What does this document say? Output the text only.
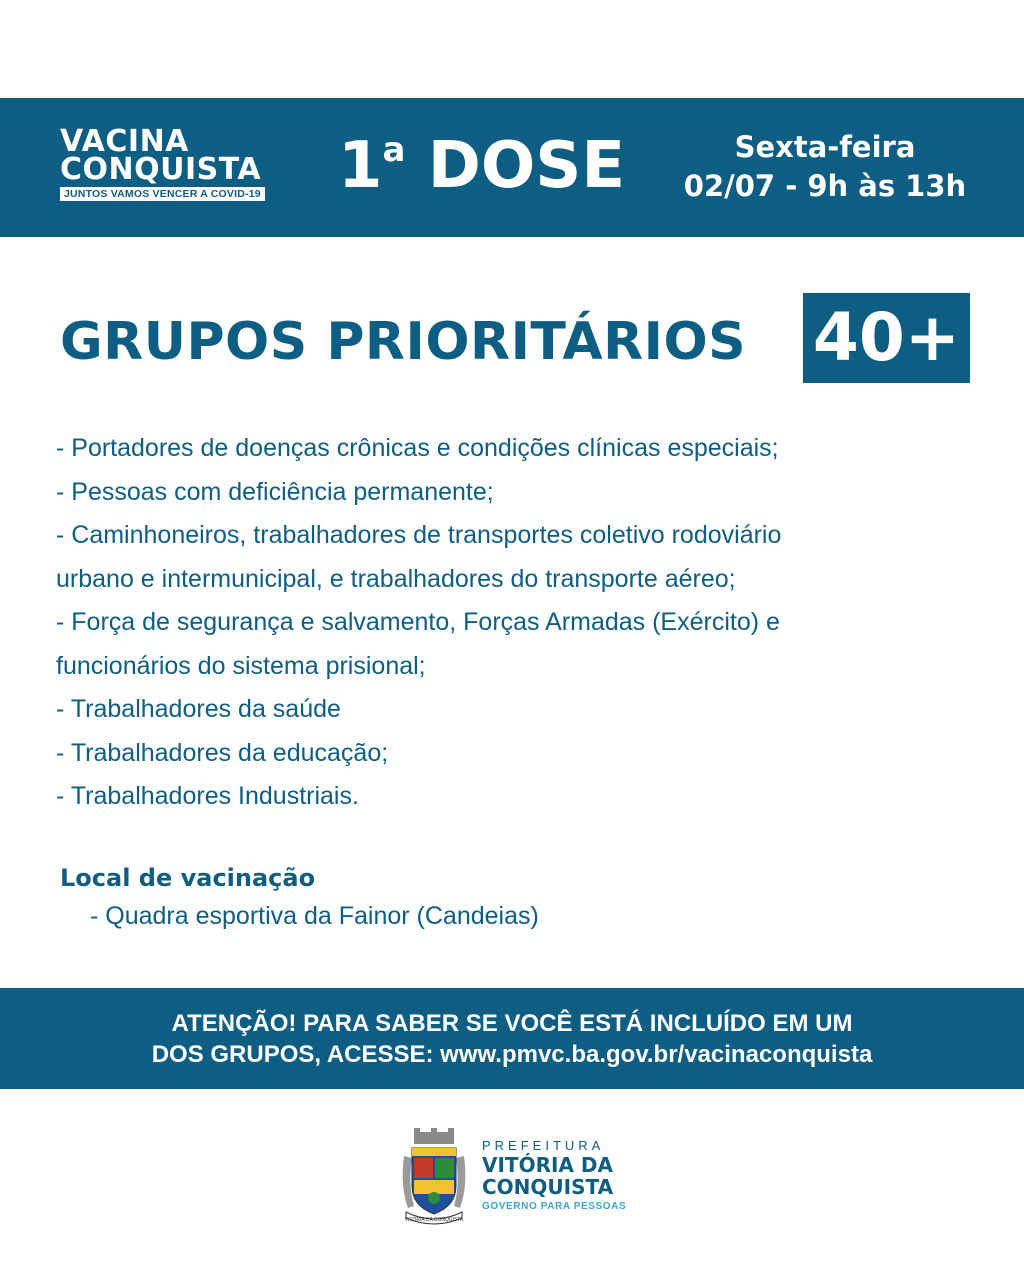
VACINA
CONQUISTA
JUNTOS VAMOS VENCER A COVID-19	1$^a$ DOSE	Sexta-feira
02/07 - 9h às 13h
GRUPOS PRIORITÁRIOS 40+
- Portadores de doenças crônicas e condições clínicas especiais;
- Pessoas com deficiência permanente;
- Caminhoneiros, trabalhadores de transportes coletivo rodoviário
urbano e intermunicipal, e trabalhadores do transporte aéreo;
- Força de segurança e salvamento, Forças Armadas (Exército) e
funcionários do sistema prisional;
- Trabalhadores da saúde
- Trabalhadores da educação;
- Trabalhadores Industriais.
Local de vacinação
- Quadra esportiva da Fainor (Candeias)
ATENÇÃO! PARA SABER SE VOCÊ ESTÁ INCLUÍDO EM UM
DOS GRUPOS, ACESSE: www.pmvc.ba.gov.br/vacinaconquista
VITÓRIA DA CONQUISTA
PREFEITURA
VITÓRIA DA
CONQUISTA
GOVERNO PARA PESSOAS
